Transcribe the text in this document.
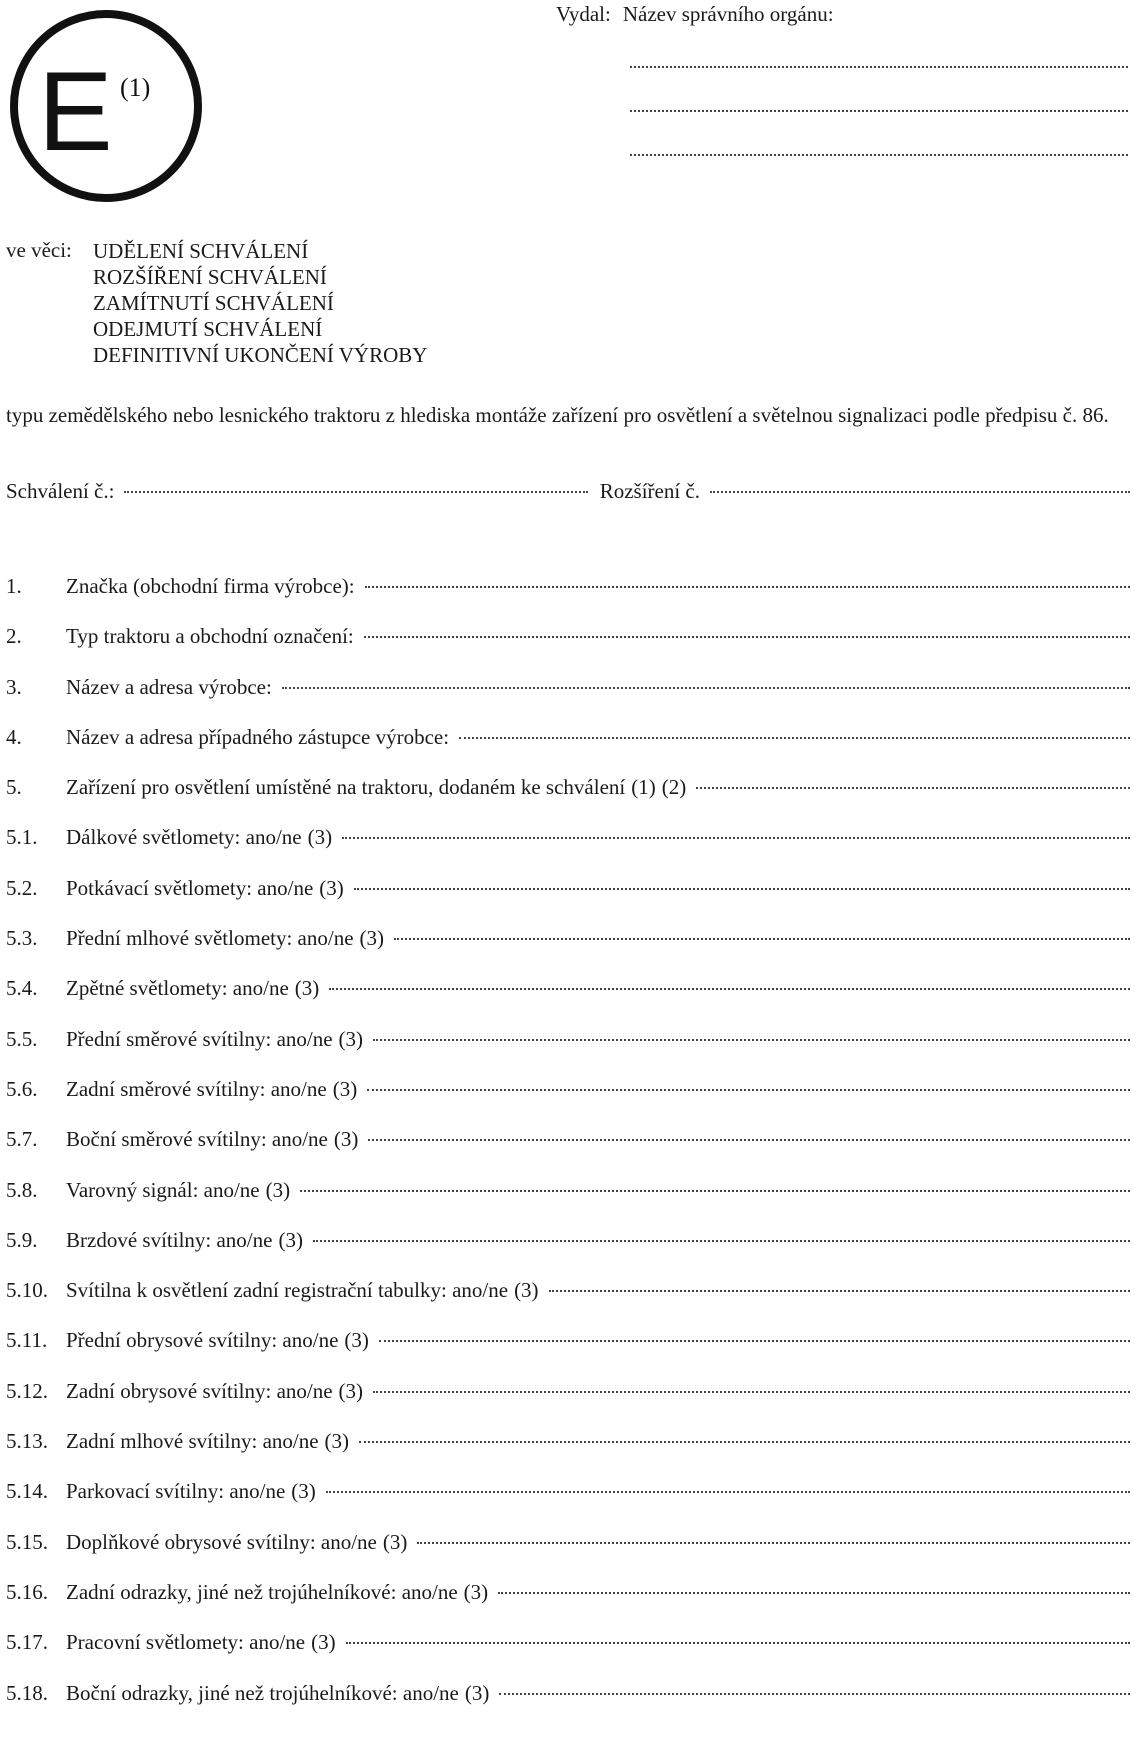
E (1)
Vydal: Název správního orgánu:
ve věci: UDĚLENÍ SCHVÁLENÍ
ROZŠÍŘENÍ SCHVÁLENÍ
ZAMÍTNUTÍ SCHVÁLENÍ
ODEJMUTÍ SCHVÁLENÍ
DEFINITIVNÍ UKONČENÍ VÝROBY
typu zemědělského nebo lesnického traktoru z hlediska montáže zařízení pro osvětlení a světelnou signalizaci podle předpisu č. 86.
Schválení č.:	Rozšíření č.
1.	Značka (obchodní firma výrobce):
2.	Typ traktoru a obchodní označení:
3.	Název a adresa výrobce:
4.	Název a adresa případného zástupce výrobce:
5.	Zařízení pro osvětlení umístěné na traktoru, dodaném ke schválení (1) (2)
5.1.	Dálkové světlomety: ano/ne (3)
5.2.	Potkávací světlomety: ano/ne (3)
5.3.	Přední mlhové světlomety: ano/ne (3)
5.4.	Zpětné světlomety: ano/ne (3)
5.5.	Přední směrové svítilny: ano/ne (3)
5.6.	Zadní směrové svítilny: ano/ne (3)
5.7.	Boční směrové svítilny: ano/ne (3)
5.8.	Varovný signál: ano/ne (3)
5.9.	Brzdové svítilny: ano/ne (3)
5.10. Svítilna k osvětlení zadní registrační tabulky: ano/ne (3)
5.11. Přední obrysové svítilny: ano/ne (3)
5.12. Zadní obrysové svítilny: ano/ne (3)
5.13. Zadní mlhové svítilny: ano/ne (3)
5.14. Parkovací svítilny: ano/ne (3)
5.15. Doplňkové obrysové svítilny: ano/ne (3)
5.16. Zadní odrazky, jiné než trojúhelníkové: ano/ne (3)
5.17. Pracovní světlomety: ano/ne (3)
5.18. Boční odrazky, jiné než trojúhelníkové: ano/ne (3)
